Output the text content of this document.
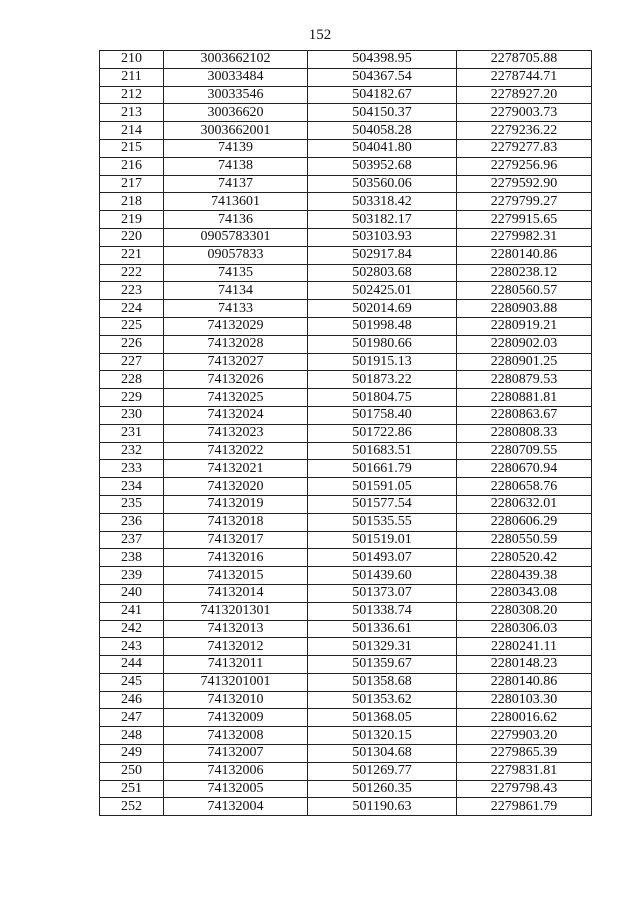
152
210	3003662102	504398.95	2278705.88
211	30033484	504367.54	2278744.71
212	30033546	504182.67	2278927.20
213	30036620	504150.37	2279003.73
214	3003662001	504058.28	2279236.22
215	74139	504041.80	2279277.83
216	74138	503952.68	2279256.96
217	74137	503560.06	2279592.90
218	7413601	503318.42	2279799.27
219	74136	503182.17	2279915.65
220	0905783301	503103.93	2279982.31
221	09057833	502917.84	2280140.86
222	74135	502803.68	2280238.12
223	74134	502425.01	2280560.57
224	74133	502014.69	2280903.88
225	74132029	501998.48	2280919.21
226	74132028	501980.66	2280902.03
227	74132027	501915.13	2280901.25
228	74132026	501873.22	2280879.53
229	74132025	501804.75	2280881.81
230	74132024	501758.40	2280863.67
231	74132023	501722.86	2280808.33
232	74132022	501683.51	2280709.55
233	74132021	501661.79	2280670.94
234	74132020	501591.05	2280658.76
235	74132019	501577.54	2280632.01
236	74132018	501535.55	2280606.29
237	74132017	501519.01	2280550.59
238	74132016	501493.07	2280520.42
239	74132015	501439.60	2280439.38
240	74132014	501373.07	2280343.08
241	7413201301	501338.74	2280308.20
242	74132013	501336.61	2280306.03
243	74132012	501329.31	2280241.11
244	74132011	501359.67	2280148.23
245	7413201001	501358.68	2280140.86
246	74132010	501353.62	2280103.30
247	74132009	501368.05	2280016.62
248	74132008	501320.15	2279903.20
249	74132007	501304.68	2279865.39
250	74132006	501269.77	2279831.81
251	74132005	501260.35	2279798.43
252	74132004	501190.63	2279861.79
